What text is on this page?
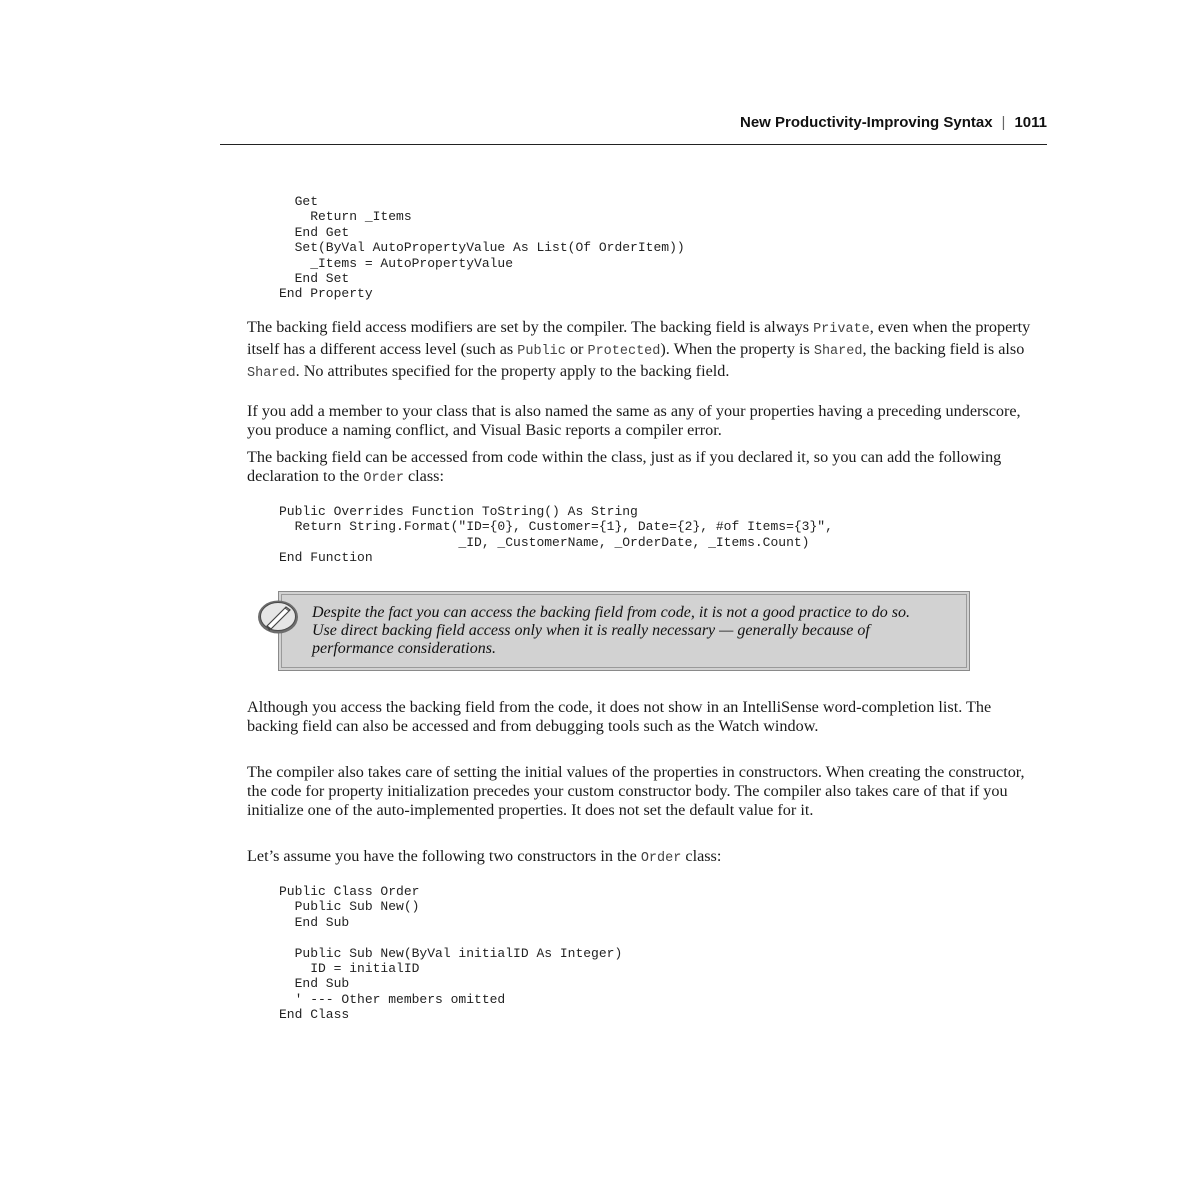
New Productivity-Improving Syntax | 1011
Get
Return _Items
End Get
Set(ByVal AutoPropertyValue As List(Of OrderItem))
_Items = AutoPropertyValue
End Set
End Property

The backing field access modifiers are set by the compiler. The backing field is always Private, even when the property itself has a different access level (such as Public or Protected). When the property is Shared, the backing field is also Shared. No attributes specified for the property apply to the backing field.

If you add a member to your class that is also named the same as any of your properties having a preceding underscore, you produce a naming conflict, and Visual Basic reports a compiler error.

The backing field can be accessed from code within the class, just as if you declared it, so you can add the following declaration to the Order class:

Public Overrides Function ToString() As String
Return String.Format("ID={0}, Customer={1}, Date={2}, #of Items={3}",
_ID, _CustomerName, _OrderDate, _Items.Count)
End Function

Despite the fact you can access the backing field from code, it is not a good practice to do so. Use direct backing field access only when it is really necessary — generally because of performance considerations.

Although you access the backing field from the code, it does not show in an IntelliSense word-completion list. The backing field can also be accessed and from debugging tools such as the Watch window.

The compiler also takes care of setting the initial values of the properties in constructors. When creating the constructor, the code for property initialization precedes your custom constructor body. The compiler also takes care of that if you initialize one of the auto-implemented properties. It does not set the default value for it.

Let’s assume you have the following two constructors in the Order class:

Public Class Order
Public Sub New()
End Sub
Public Sub New(ByVal initialID As Integer)
ID = initialID
End Sub
' --- Other members omitted
End Class
